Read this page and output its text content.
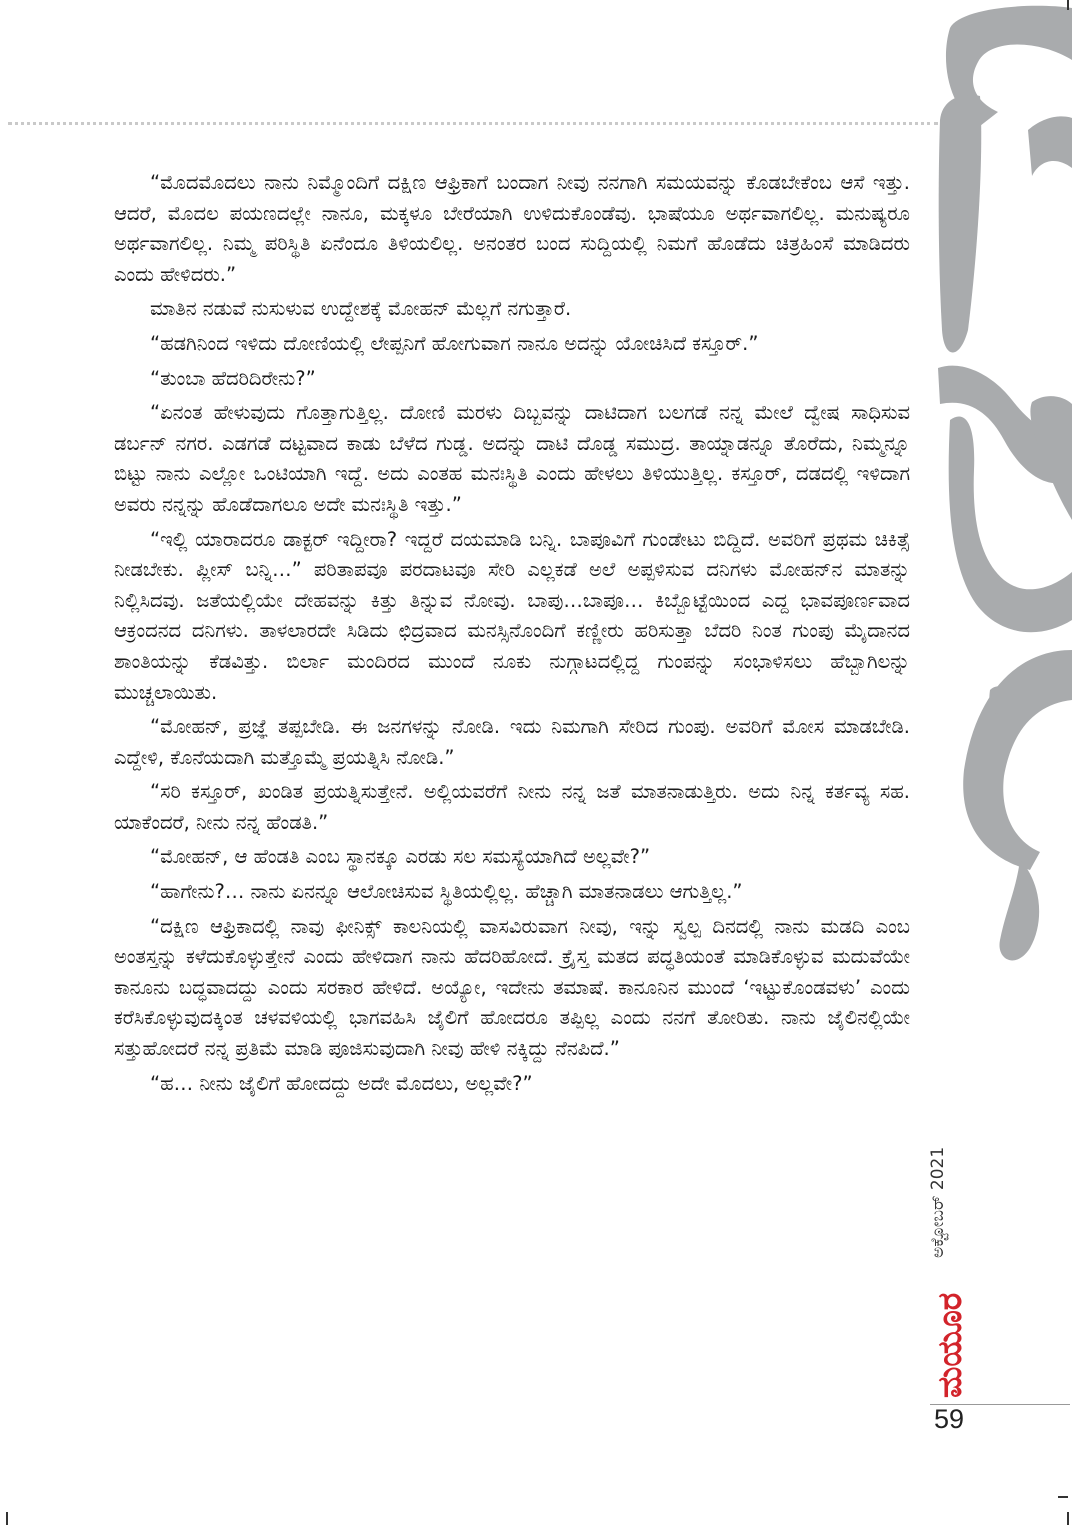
“ಮೊದಮೊದಲು ನಾನು ನಿಮ್ಮೊಂದಿಗೆ ದಕ್ಷಿಣ ಆಫ್ರಿಕಾಗೆ ಬಂದಾಗ ನೀವು ನನಗಾಗಿ ಸಮಯವನ್ನು ಕೊಡಬೇಕೆಂಬ ಆಸೆ ಇತ್ತು. ಆದರೆ, ಮೊದಲ ಪಯಣದಲ್ಲೇ ನಾನೂ, ಮಕ್ಕಳೂ ಬೇರೆಯಾಗಿ ಉಳಿದುಕೊಂಡೆವು. ಭಾಷೆಯೂ ಅರ್ಥವಾಗಲಿಲ್ಲ. ಮನುಷ್ಯರೂ ಅರ್ಥವಾಗಲಿಲ್ಲ. ನಿಮ್ಮ ಪರಿಸ್ಥಿತಿ ಏನೆಂದೂ ತಿಳಿಯಲಿಲ್ಲ. ಅನಂತರ ಬಂದ ಸುದ್ದಿಯಲ್ಲಿ ನಿಮಗೆ ಹೊಡೆದು ಚಿತ್ರಹಿಂಸೆ ಮಾಡಿದರು ಎಂದು ಹೇಳಿದರು.”

ಮಾತಿನ ನಡುವೆ ನುಸುಳುವ ಉದ್ದೇಶಕ್ಕೆ ಮೋಹನ್ ಮೆಲ್ಲಗೆ ನಗುತ್ತಾರೆ.

“ಹಡಗಿನಿಂದ ಇಳಿದು ದೋಣಿಯಲ್ಲಿ ಲೇಪ್ಪನಿಗೆ ಹೋಗುವಾಗ ನಾನೂ ಅದನ್ನು ಯೋಚಿಸಿದೆ ಕಸ್ತೂರ್.”

“ತುಂಬಾ ಹೆದರಿದಿರೇನು?”

“ಏನಂತ ಹೇಳುವುದು ಗೊತ್ತಾಗುತ್ತಿಲ್ಲ. ದೋಣಿ ಮರಳು ದಿಬ್ಬವನ್ನು ದಾಟಿದಾಗ ಬಲಗಡೆ ನನ್ನ ಮೇಲೆ ದ್ವೇಷ ಸಾಧಿಸುವ ಡರ್ಬನ್ ನಗರ. ಎಡಗಡೆ ದಟ್ಟವಾದ ಕಾಡು ಬೆಳೆದ ಗುಡ್ಡ. ಅದನ್ನು ದಾಟಿ ದೊಡ್ಡ ಸಮುದ್ರ. ತಾಯ್ನಾಡನ್ನೂ ತೊರೆದು, ನಿಮ್ಮನ್ನೂ ಬಿಟ್ಟು ನಾನು ಎಲ್ಲೋ ಒಂಟಿಯಾಗಿ ಇದ್ದೆ. ಅದು ಎಂತಹ ಮನಃಸ್ಥಿತಿ ಎಂದು ಹೇಳಲು ತಿಳಿಯುತ್ತಿಲ್ಲ. ಕಸ್ತೂರ್, ದಡದಲ್ಲಿ ಇಳಿದಾಗ ಅವರು ನನ್ನನ್ನು ಹೊಡೆದಾಗಲೂ ಅದೇ ಮನಃಸ್ಥಿತಿ ಇತ್ತು.”

“ಇಲ್ಲಿ ಯಾರಾದರೂ ಡಾಕ್ಟರ್ ಇದ್ದೀರಾ? ಇದ್ದರೆ ದಯಮಾಡಿ ಬನ್ನಿ. ಬಾಪೂವಿಗೆ ಗುಂಡೇಟು ಬಿದ್ದಿದೆ. ಅವರಿಗೆ ಪ್ರಥಮ ಚಿಕಿತ್ಸೆ ನೀಡಬೇಕು. ಪ್ಲೀಸ್ ಬನ್ನಿ…” ಪರಿತಾಪವೂ ಪರದಾಟವೂ ಸೇರಿ ಎಲ್ಲಕಡೆ ಅಲೆ ಅಪ್ಪಳಿಸುವ ದನಿಗಳು ಮೋಹನ್‌ನ ಮಾತನ್ನು ನಿಲ್ಲಿಸಿದವು. ಜತೆಯಲ್ಲಿಯೇ ದೇಹವನ್ನು ಕಿತ್ತು ತಿನ್ನುವ ನೋವು. ಬಾಪು…ಬಾಪೂ… ಕಿಬ್ಬೊಟ್ಟೆಯಿಂದ ಎದ್ದ ಭಾವಪೂರ್ಣವಾದ ಆಕ್ರಂದನದ ದನಿಗಳು. ತಾಳಲಾರದೇ ಸಿಡಿದು ಛಿದ್ರವಾದ ಮನಸ್ಸಿನೊಂದಿಗೆ ಕಣ್ಣೀರು ಹರಿಸುತ್ತಾ ಬೆದರಿ ನಿಂತ ಗುಂಪು ಮೈದಾನದ ಶಾಂತಿಯನ್ನು ಕೆಡವಿತ್ತು. ಬಿರ್ಲಾ ಮಂದಿರದ ಮುಂದೆ ನೂಕು ನುಗ್ಗಾಟದಲ್ಲಿದ್ದ ಗುಂಪನ್ನು ಸಂಭಾಳಿಸಲು ಹೆಬ್ಬಾಗಿಲನ್ನು ಮುಚ್ಚಲಾಯಿತು.

“ಮೋಹನ್, ಪ್ರಜ್ಞೆ ತಪ್ಪಬೇಡಿ. ಈ ಜನಗಳನ್ನು ನೋಡಿ. ಇದು ನಿಮಗಾಗಿ ಸೇರಿದ ಗುಂಪು. ಅವರಿಗೆ ಮೋಸ ಮಾಡಬೇಡಿ. ಎದ್ದೇಳಿ, ಕೊನೆಯದಾಗಿ ಮತ್ತೊಮ್ಮೆ ಪ್ರಯತ್ನಿಸಿ ನೋಡಿ.”

“ಸರಿ ಕಸ್ತೂರ್, ಖಂಡಿತ ಪ್ರಯತ್ನಿಸುತ್ತೇನೆ. ಅಲ್ಲಿಯವರೆಗೆ ನೀನು ನನ್ನ ಜತೆ ಮಾತನಾಡುತ್ತಿರು. ಅದು ನಿನ್ನ ಕರ್ತವ್ಯ ಸಹ. ಯಾಕೆಂದರೆ, ನೀನು ನನ್ನ ಹೆಂಡತಿ.”

“ಮೋಹನ್, ಆ ಹೆಂಡತಿ ಎಂಬ ಸ್ಥಾನಕ್ಕೂ ಎರಡು ಸಲ ಸಮಸ್ಯೆಯಾಗಿದೆ ಅಲ್ಲವೇ?”

“ಹಾಗೇನು?… ನಾನು ಏನನ್ನೂ ಆಲೋಚಿಸುವ ಸ್ಥಿತಿಯಲ್ಲಿಲ್ಲ. ಹೆಚ್ಚಾಗಿ ಮಾತನಾಡಲು ಆಗುತ್ತಿಲ್ಲ.”

“ದಕ್ಷಿಣ ಆಫ್ರಿಕಾದಲ್ಲಿ ನಾವು ಫೀನಿಕ್ಸ್ ಕಾಲನಿಯಲ್ಲಿ ವಾಸವಿರುವಾಗ ನೀವು, ಇನ್ನು ಸ್ವಲ್ಪ ದಿನದಲ್ಲಿ ನಾನು ಮಡದಿ ಎಂಬ ಅಂತಸ್ತನ್ನು ಕಳೆದುಕೊಳ್ಳುತ್ತೇನೆ ಎಂದು ಹೇಳಿದಾಗ ನಾನು ಹೆದರಿಹೋದೆ. ಕ್ರೈಸ್ತ ಮತದ ಪದ್ಧತಿಯಂತೆ ಮಾಡಿಕೊಳ್ಳುವ ಮದುವೆಯೇ ಕಾನೂನು ಬದ್ಧವಾದದ್ದು ಎಂದು ಸರಕಾರ ಹೇಳಿದೆ. ಅಯ್ಯೋ, ಇದೇನು ತಮಾಷೆ. ಕಾನೂನಿನ ಮುಂದೆ ‘ಇಟ್ಟುಕೊಂಡವಳು’ ಎಂದು ಕರೆಸಿಕೊಳ್ಳುವುದಕ್ಕಿಂತ ಚಳವಳಿಯಲ್ಲಿ ಭಾಗವಹಿಸಿ ಜೈಲಿಗೆ ಹೋದರೂ ತಪ್ಪಿಲ್ಲ ಎಂದು ನನಗೆ ತೋರಿತು. ನಾನು ಜೈಲಿನಲ್ಲಿಯೇ ಸತ್ತುಹೋದರೆ ನನ್ನ ಪ್ರತಿಮೆ ಮಾಡಿ ಪೂಜಿಸುವುದಾಗಿ ನೀವು ಹೇಳಿ ನಕ್ಕಿದ್ದು ನೆನಪಿದೆ.”

“ಹ… ನೀನು ಜೈಲಿಗೆ ಹೋದದ್ದು ಅದೇ ಮೊದಲು, ಅಲ್ಲವೇ?”

ಅಕ್ಟೋಬರ್ 2021
ಮಯೂರ
59
